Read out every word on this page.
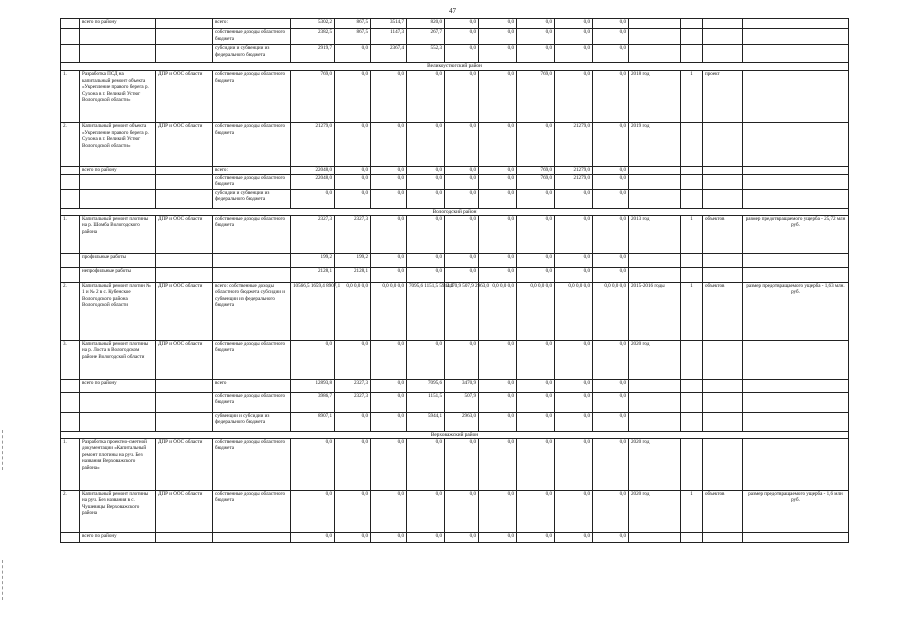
47
	всего по району		всего:	5302,2	867,5	3514,7	820,0	0,0	0,0	0,0	0,0	0,0				
			собственные доходы областного бюджета	2382,5	867,5	1147,3	267,7	0,0	0,0	0,0	0,0	0,0				
			субсидии и субвенции из федерального бюджета	2919,7	0,0	2367,4	552,3	0,0	0,0	0,0	0,0	0,0				
Великоустюгский район																
1.	Разработка ПСД на капитальный ремонт объекта «Укрепление правого берега р. Сухона в г. Великий Устюг Вологодской области»	ДПР и ООС области	собственные доходы областного бюджета	769,0	0,0	0,0	0,0	0,0	0,0	769,0	0,0	0,0	2018 год	1	проект	
2.	Капитальный ремонт объекта «Укрепление правого берега р. Сухона в г. Великий Устюг Вологодской области»	ДПР и ООС области	собственные доходы областного бюджета	21279,0	0,0	0,0	0,0	0,0	0,0	0,0	21279,0	0,0	2019 год			
	всего по району		всего:	22048,0	0,0	0,0	0,0	0,0	0,0	769,0	21279,0	0,0				
			собственные доходы областного бюджета	22048,0	0,0	0,0	0,0	0,0	0,0	769,0	21279,0	0,0				
			субсидии и субвенции из федерального бюджета	0,0	0,0	0,0	0,0	0,0	0,0	0,0	0,0	0,0				
Вологодский район																
1.	Капитальный ремонт плотины на р. Шомба Вологодского района	ДПР и ООС области	собственные доходы областного бюджета	2327,3	2327,3	0,0	0,0	0,0	0,0	0,0	0,0	0,0	2013 год	1	объектов	размер предотвращаемого ущерба - 25,72 млн руб.
	профильные работы			199,2	199,2	0,0	0,0	0,0	0,0	0,0	0,0	0,0				
	непрофильные работы			2128,1	2128,1	0,0	0,0	0,0	0,0	0,0	0,0	0,0				
2.	Капитальный ремонт плотин № 1 и № 2 в с. Кубенское Вологодского района Вологодской области	ДПР и ООС области	всего: собственные доходы областного бюджета субсидии и субвенции из федерального бюджета	10566,5 1659,4 8907,1	0,0 0,0 0,0	0,0 0,0 0,0	7095,6 1151,5 5944,1	3470,9 507,9 2963,0	0,0 0,0 0,0	0,0 0,0 0,0	0,0 0,0 0,0	0,0 0,0 0,0	2015-2016 годы	1	объектов	размер предотвращаемого ущерба - 1,63 млн. руб.
3.	Капитальный ремонт плотины на р. Лоста в Вологодском районе Вологодской области	ДПР и ООС области	собственные доходы областного бюджета	0,0	0,0	0,0	0,0	0,0	0,0	0,0	0,0	0,0	2020 год			
	всего по району		всего	12893,8	2327,3	0,0	7095,6	3470,9	0,0	0,0	0,0	0,0				
			собственные доходы областного бюджета	3986,7	2327,3	0,0	1151,5	507,9	0,0	0,0	0,0	0,0				
			субвенции и субсидии из федерального бюджета	8907,1	0,0	0,0	5944,1	2963,0	0,0	0,0	0,0	0,0				
Верховажский район																
1.	Разработка проектно-сметной документации «Капитальный ремонт плотины на руч. Без названия Верховажского района»	ДПР и ООС области	собственные доходы областного бюджета	0,0	0,0	0,0	0,0	0,0	0,0	0,0	0,0	0,0	2020 год			
2.	Капитальный ремонт плотины на руч. Без названия в с. Чушевицы Верховажского района	ДПР и ООС области	собственные доходы областного бюджета	0,0	0,0	0,0	0,0	0,0	0,0	0,0	0,0	0,0	2020 год	1	объектов	размер предотвращаемого ущерба - 1,6 млн руб.
	всего по району			0,0	0,0	0,0	0,0	0,0	0,0	0,0	0,0	0,0				
